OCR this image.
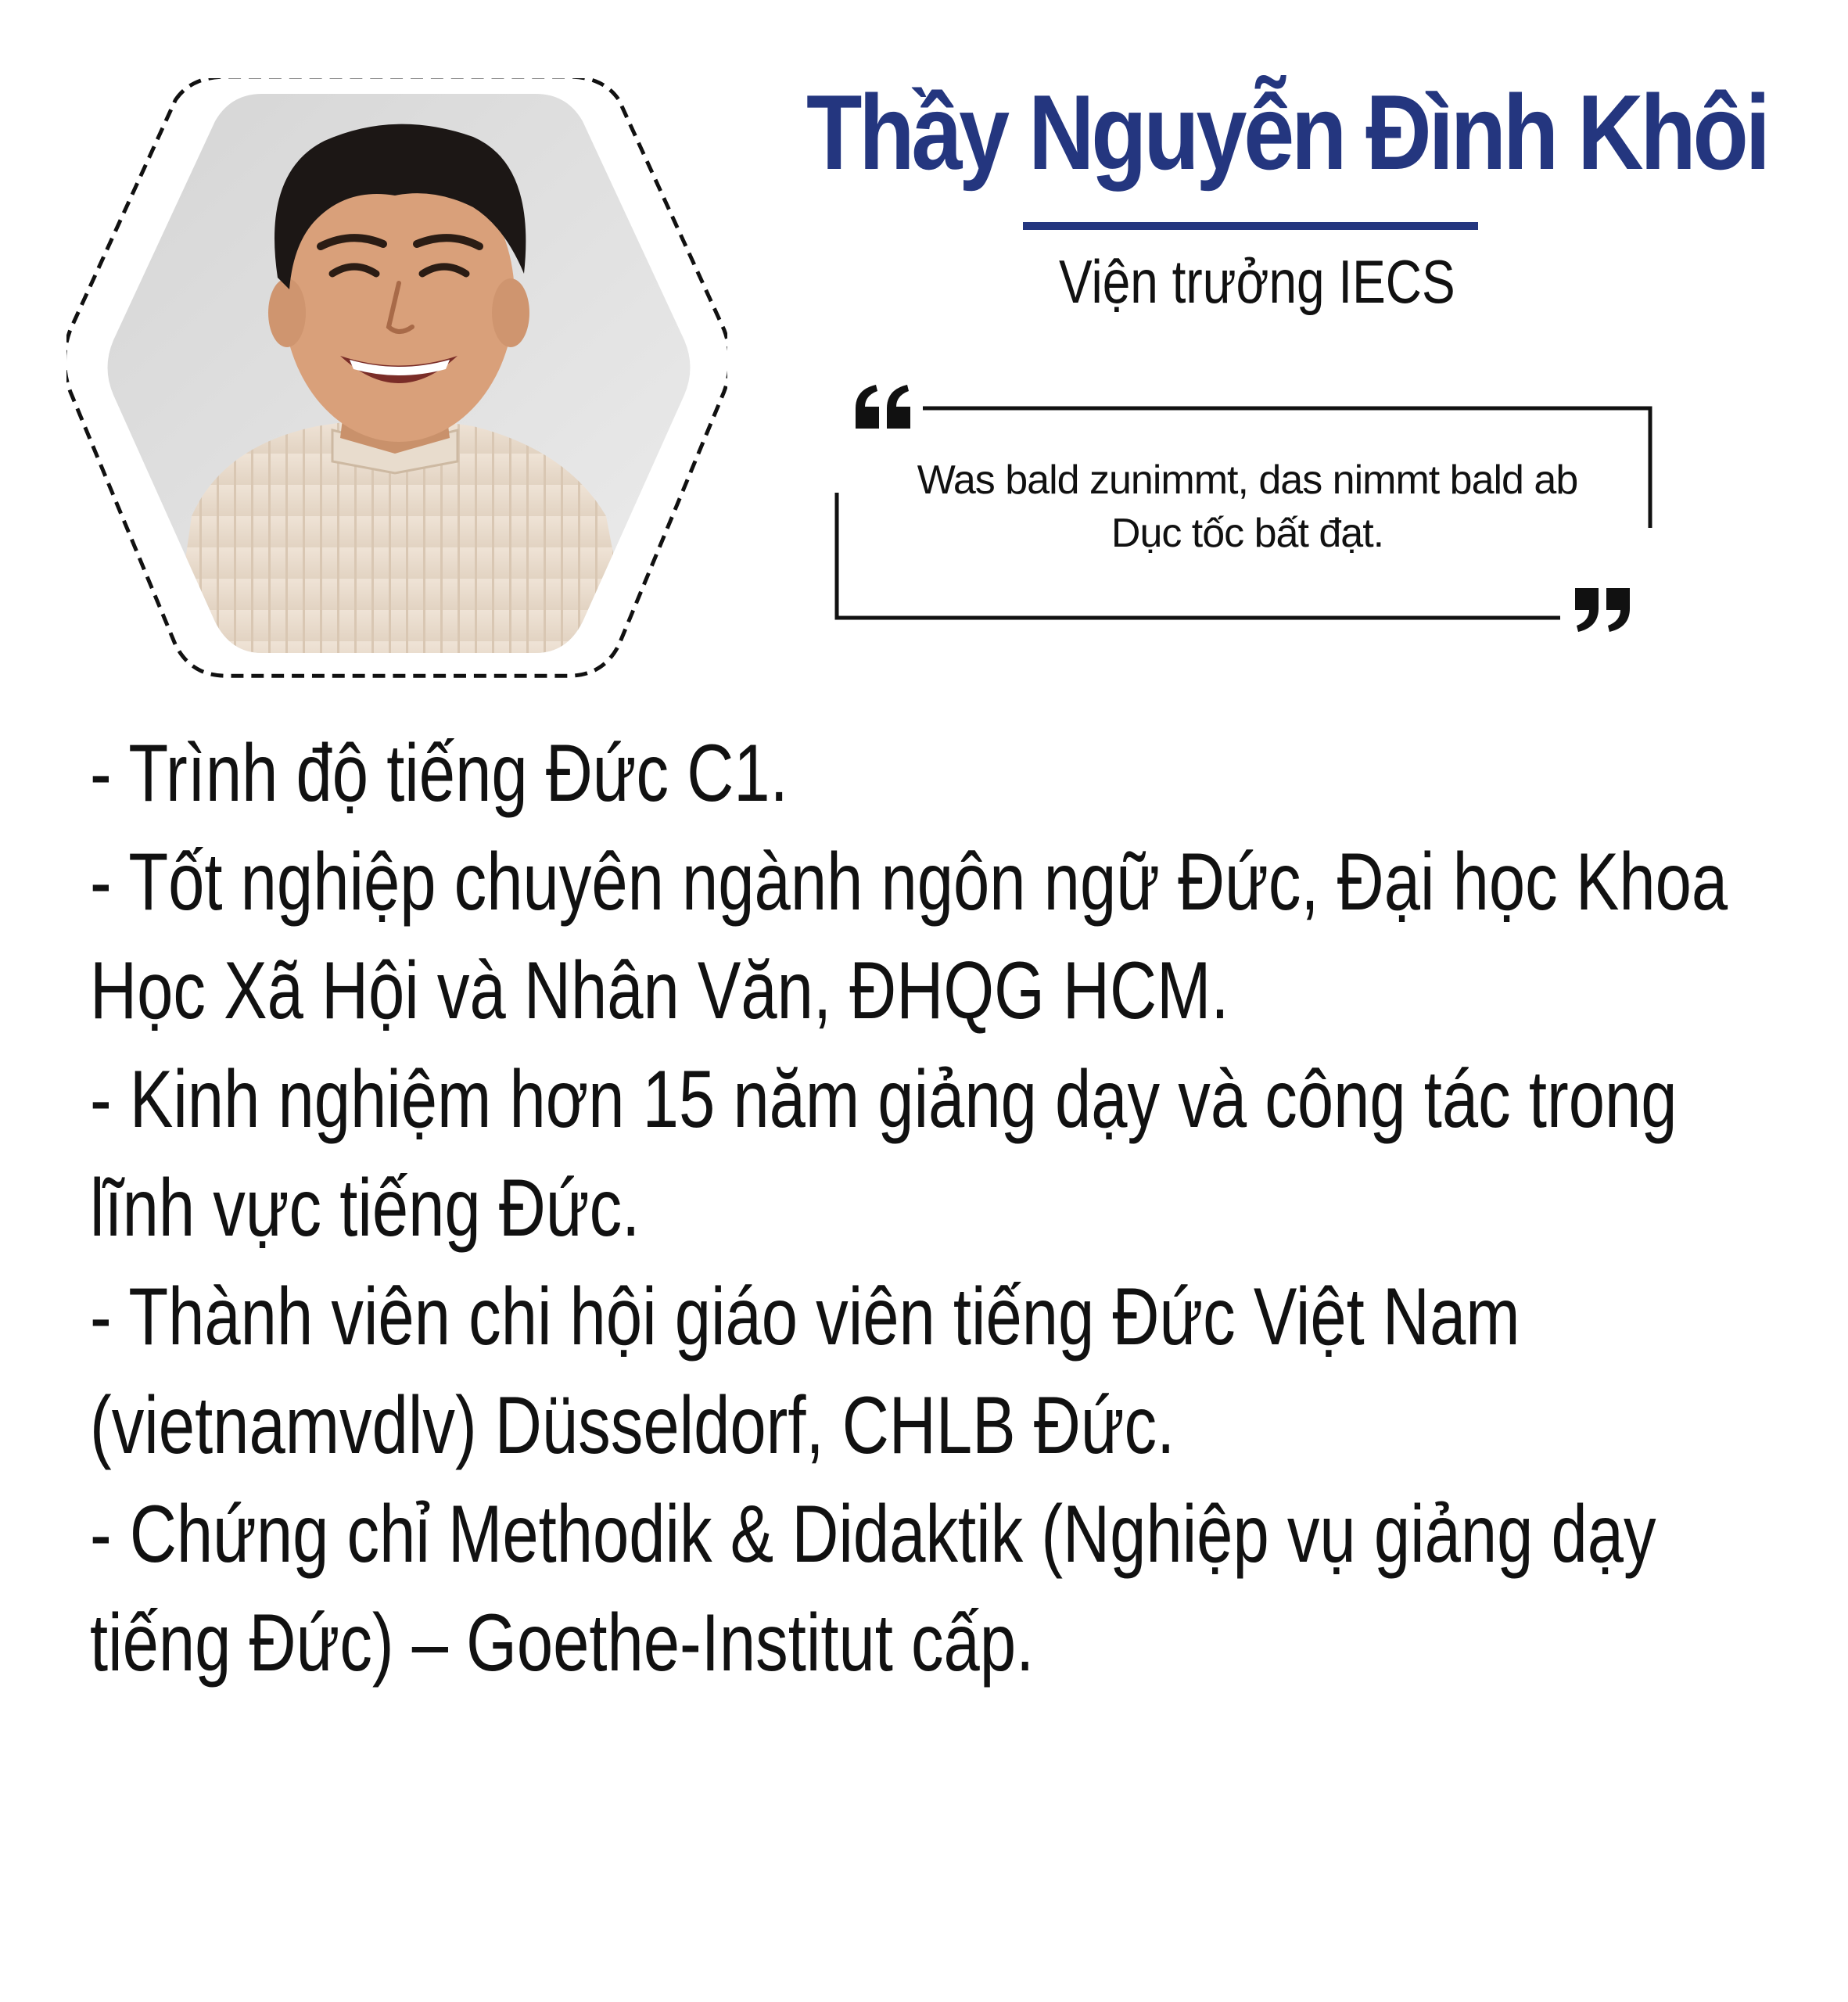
Thầy Nguyễn Đình Khôi
Viện trưởng IECS
Was bald zunimmt, das nimmt bald ab
Dục tốc bất đạt.
- Trình độ tiếng Đức C1.
- Tốt nghiệp chuyên ngành ngôn ngữ Đức, Đại học Khoa Học Xã Hội và Nhân Văn, ĐHQG HCM.
- Kinh nghiệm hơn 15 năm giảng dạy và công tác trong lĩnh vực tiếng Đức.
- Thành viên chi hội giáo viên tiếng Đức Việt Nam (vietnamvdlv) Düsseldorf, CHLB Đức.
- Chứng chỉ Methodik & Didaktik (Nghiệp vụ giảng dạy tiếng Đức) – Goethe-Institut cấp.
